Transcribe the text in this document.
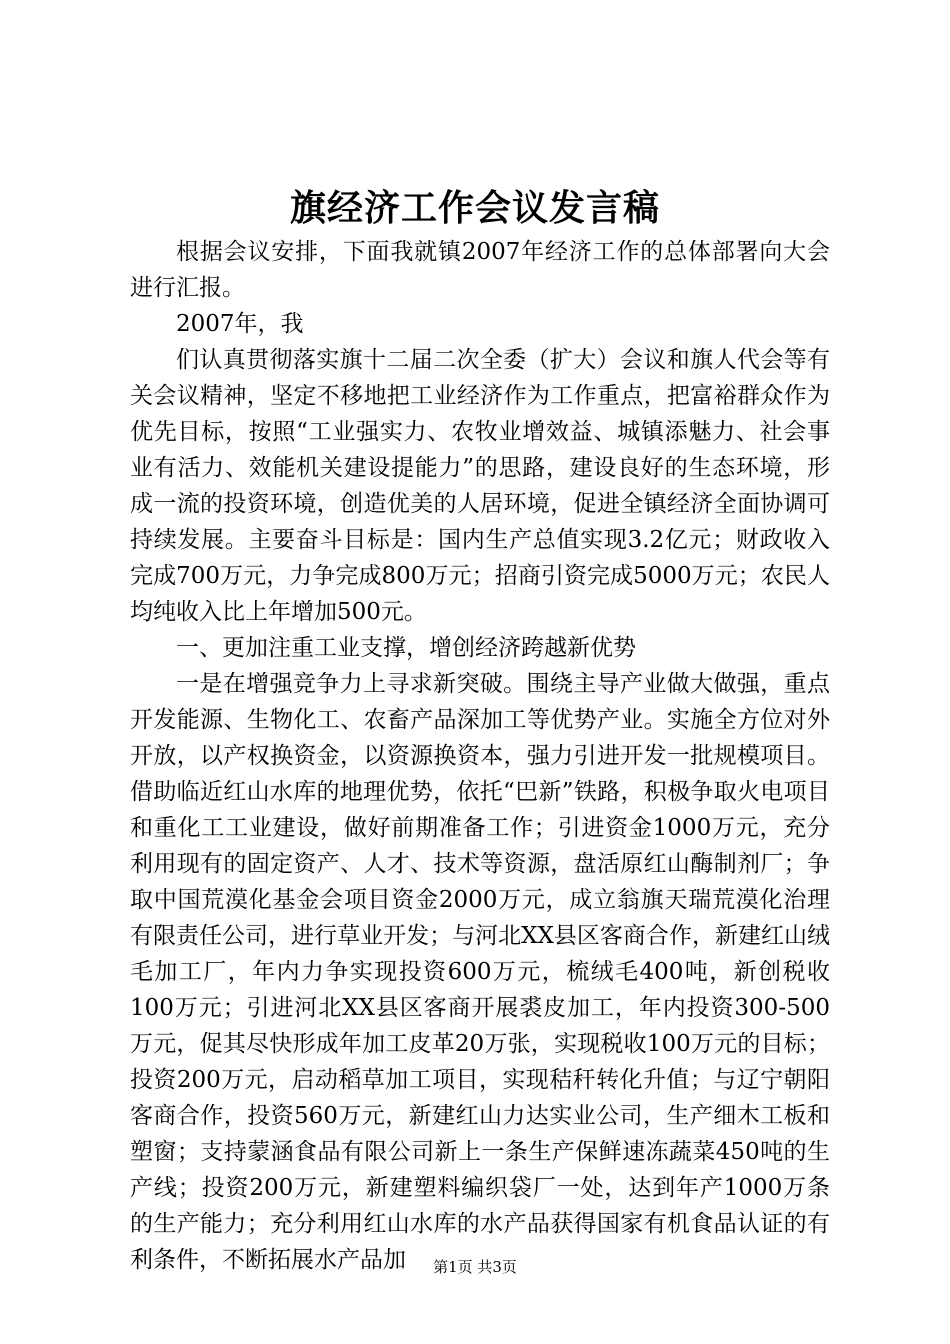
旗经济工作会议发言稿

根据会议安排，下面我就镇2007年经济工作的总体部署向大会进行汇报。

2007年，我

们认真贯彻落实旗十二届二次全委（扩大）会议和旗人代会等有关会议精神，坚定不移地把工业经济作为工作重点，把富裕群众作为优先目标，按照“工业强实力、农牧业增效益、城镇添魅力、社会事业有活力、效能机关建设提能力”的思路，建设良好的生态环境，形成一流的投资环境，创造优美的人居环境，促进全镇经济全面协调可持续发展。主要奋斗目标是：国内生产总值实现3.2亿元；财政收入完成700万元，力争完成800万元；招商引资完成5000万元；农民人均纯收入比上年增加500元。

一、更加注重工业支撑，增创经济跨越新优势

一是在增强竞争力上寻求新突破。围绕主导产业做大做强，重点开发能源、生物化工、农畜产品深加工等优势产业。实施全方位对外开放，以产权换资金，以资源换资本，强力引进开发一批规模项目。借助临近红山水库的地理优势，依托“巴新”铁路，积极争取火电项目和重化工工业建设，做好前期准备工作；引进资金1000万元，充分利用现有的固定资产、人才、技术等资源，盘活原红山酶制剂厂；争取中国荒漠化基金会项目资金2000万元，成立翁旗天瑞荒漠化治理有限责任公司，进行草业开发；与河北XX县区客商合作，新建红山绒毛加工厂，年内力争实现投资600万元，梳绒毛400吨，新创税收100万元；引进河北XX县区客商开展裘皮加工，年内投资300-500万元，促其尽快形成年加工皮革20万张，实现税收100万元的目标；投资200万元，启动稻草加工项目，实现秸秆转化升值；与辽宁朝阳客商合作，投资560万元，新建红山力达实业公司，生产细木工板和塑窗；支持蒙涵食品有限公司新上一条生产保鲜速冻蔬菜450吨的生产线；投资200万元，新建塑料编织袋厂一处，达到年产1000万条的生产能力；充分利用红山水库的水产品获得国家有机食品认证的有利条件，不断拓展水产品加	第1页 共3页
